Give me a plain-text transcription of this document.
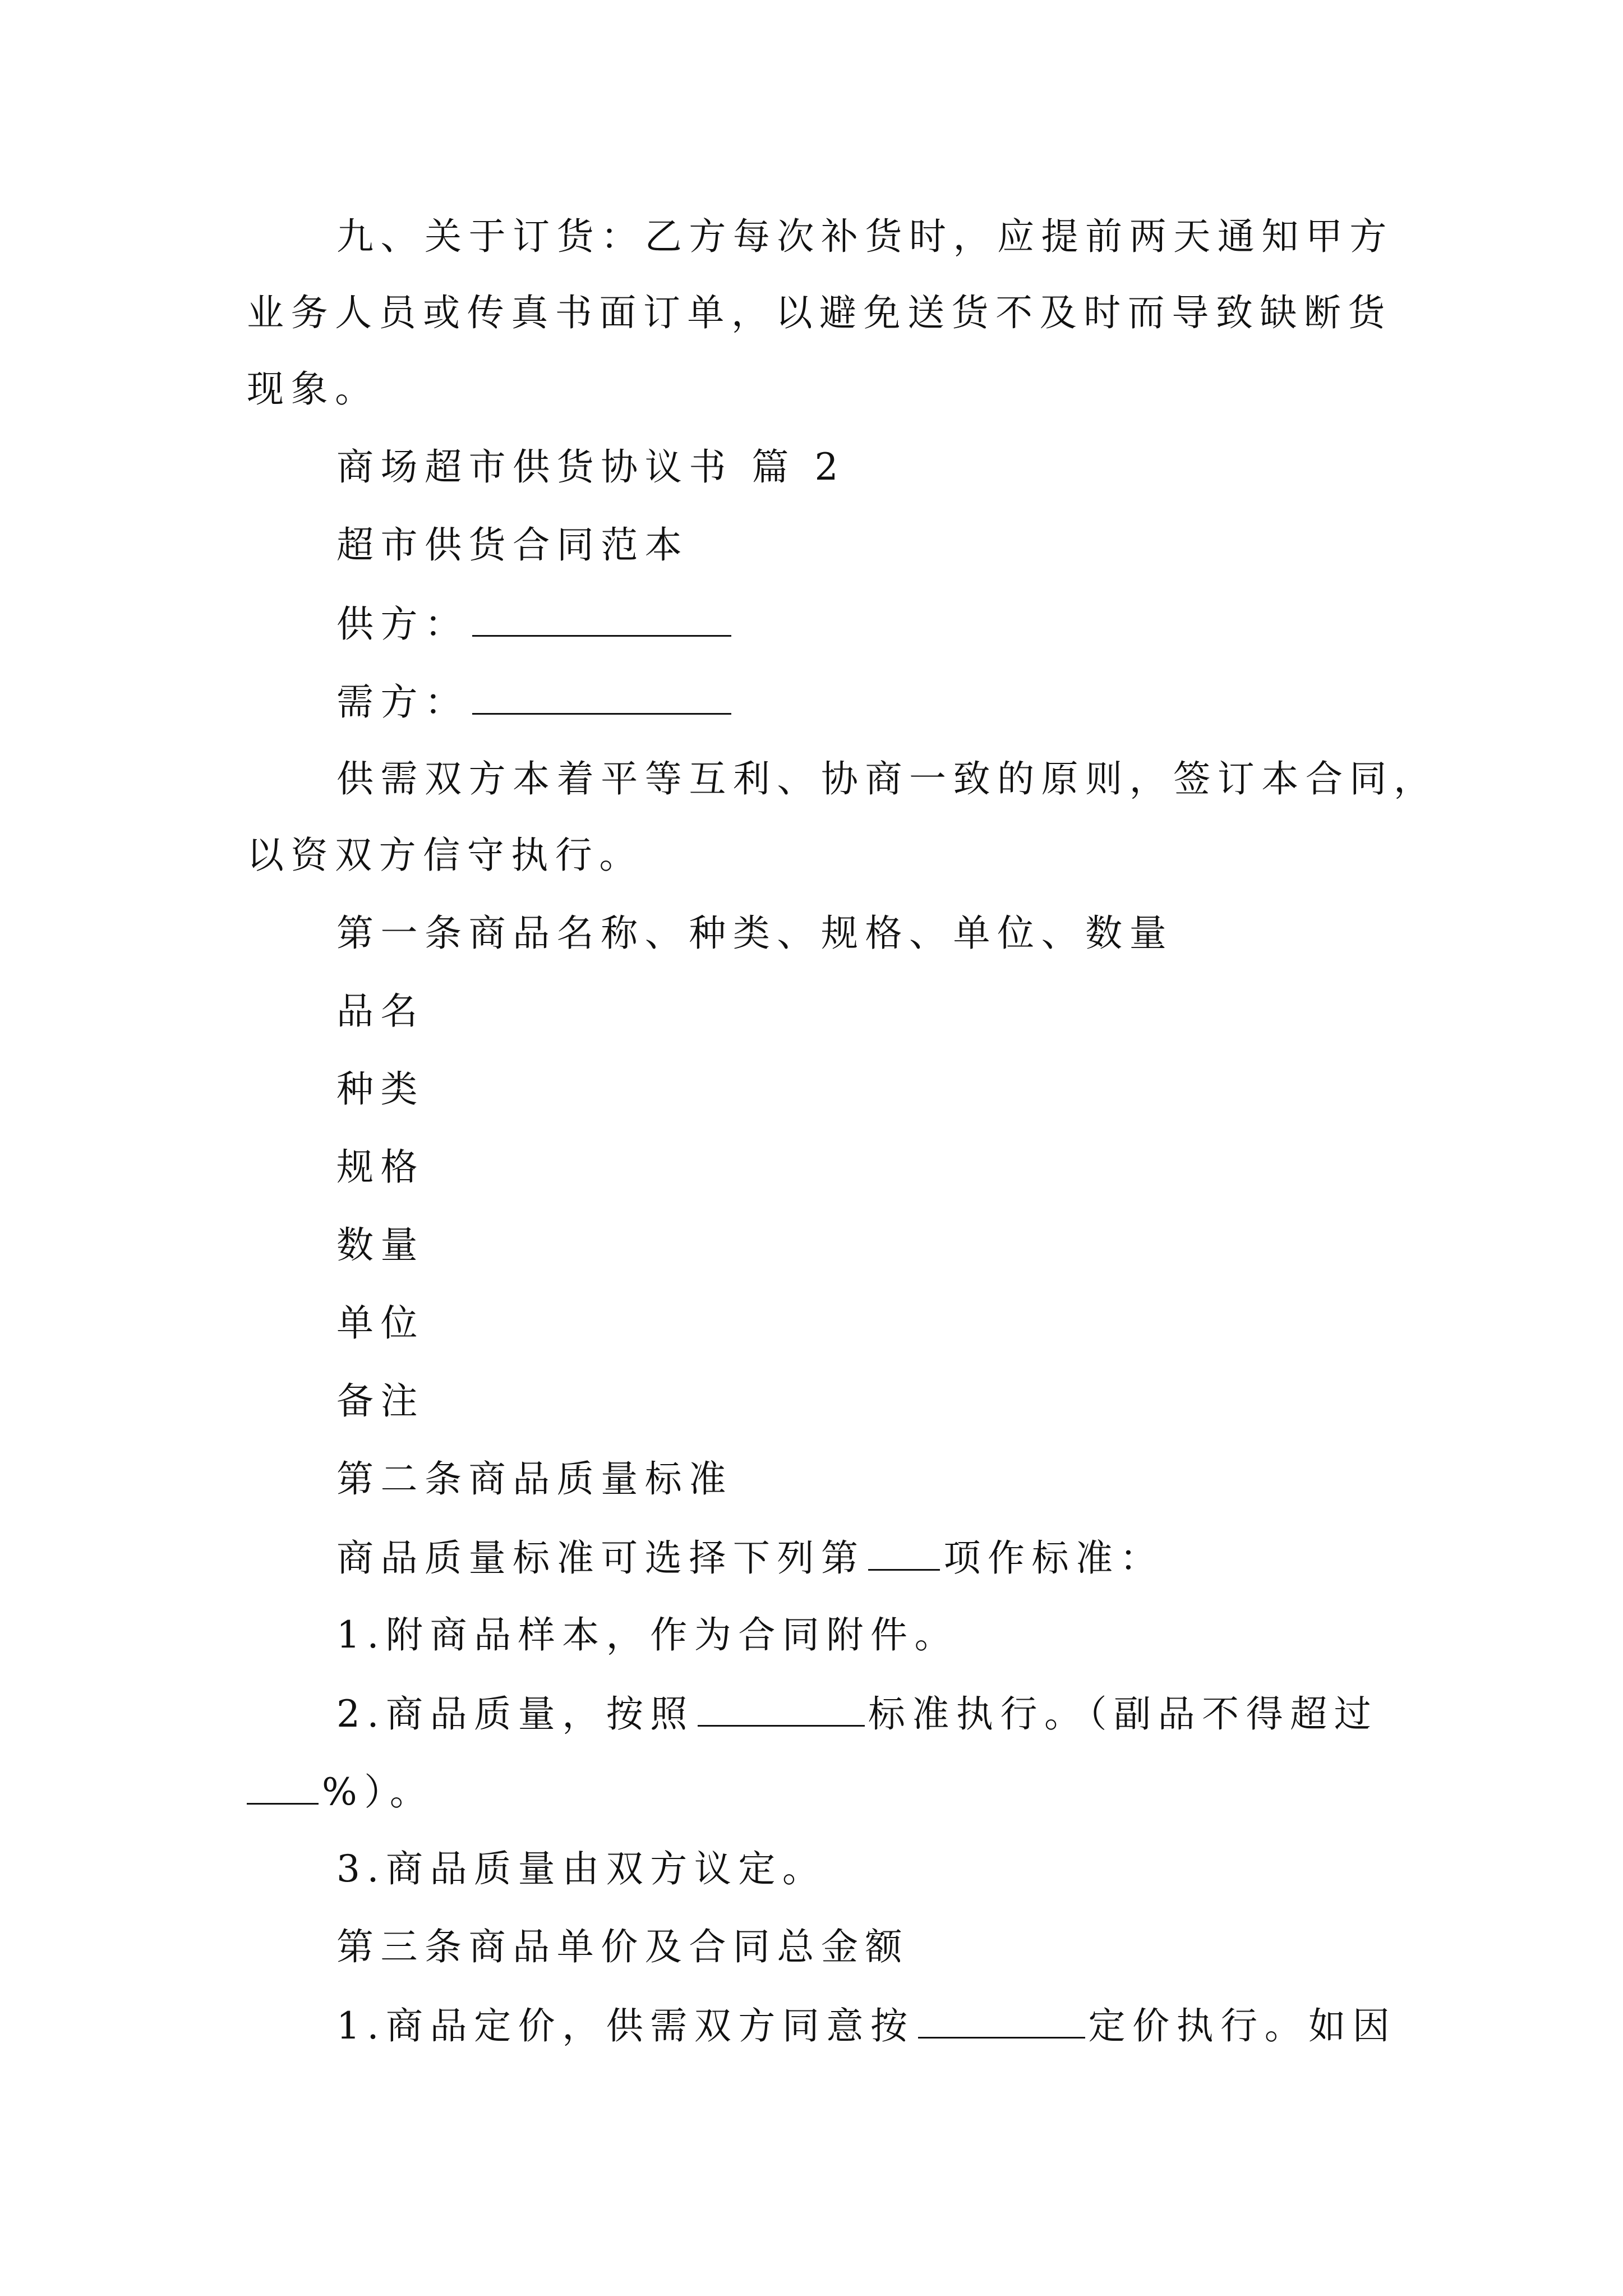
九、关于订货：乙方每次补货时，应提前两天通知甲方
业务人员或传真书面订单，以避免送货不及时而导致缺断货
现象。
商场超市供货协议书 篇 2
超市供货合同范本
供方：
需方：
供需双方本着平等互利、协商一致的原则，签订本合同，
以资双方信守执行。
第一条商品名称、种类、规格、单位、数量
品名
种类
规格
数量
单位
备注
第二条商品质量标准
商品质量标准可选择下列第 项作标准：
1.附商品样本，作为合同附件。
2.商品质量，按照	标准执行。（副品不得超过
%）。
3.商品质量由双方议定。
第三条商品单价及合同总金额
1.商品定价，供需双方同意按	定价执行。如因
